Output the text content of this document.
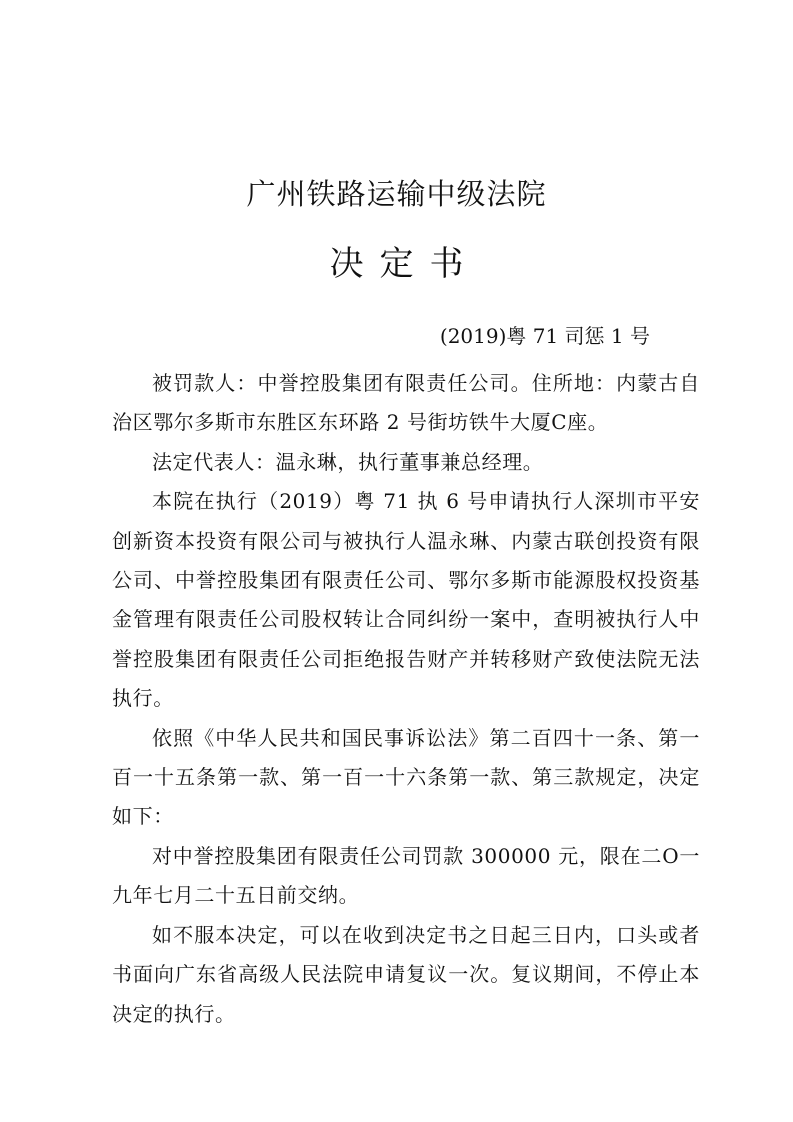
广州铁路运输中级法院
决定书
(2019)粤 71 司惩 1 号

被罚款人：中誉控股集团有限责任公司。住所地：内蒙古自治区鄂尔多斯市东胜区东环路 2 号街坊铁牛大厦C座。

法定代表人：温永琳，执行董事兼总经理。

本院在执行（2019）粤 71 执 6 号申请执行人深圳市平安创新资本投资有限公司与被执行人温永琳、内蒙古联创投资有限公司、中誉控股集团有限责任公司、鄂尔多斯市能源股权投资基金管理有限责任公司股权转让合同纠纷一案中，查明被执行人中誉控股集团有限责任公司拒绝报告财产并转移财产致使法院无法执行。

依照《中华人民共和国民事诉讼法》第二百四十一条、第一百一十五条第一款、第一百一十六条第一款、第三款规定，决定如下：

对中誉控股集团有限责任公司罚款 300000 元，限在二O一九年七月二十五日前交纳。

如不服本决定，可以在收到决定书之日起三日内，口头或者书面向广东省高级人民法院申请复议一次。复议期间，不停止本决定的执行。
